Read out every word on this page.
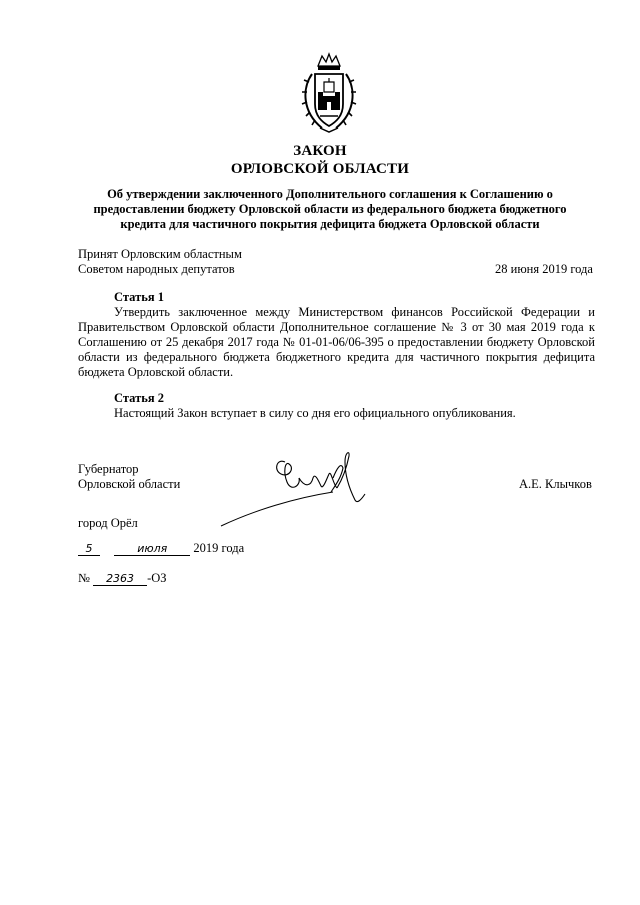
ЗАКОН
ОРЛОВСКОЙ ОБЛАСТИ
Об утверждении заключенного Дополнительного соглашения к Соглашению о
предоставлении бюджету Орловской области из федерального бюджета бюджетного
кредита для частичного покрытия дефицита бюджета Орловской области
Принят Орловским областным
Советом народных депутатов	28 июня 2019 года
Статья 1
Утвердить заключенное между Министерством финансов Российской Федерации и Правительством Орловской области Дополнительное соглашение № 3 от 30 мая 2019 года к Соглашению от 25 декабря 2017 года № 01-01-06/06-395 о предоставлении бюджету Орловской области из федерального бюджета бюджетного кредита для частичного покрытия дефицита бюджета Орловской области.
Статья 2
Настоящий Закон вступает в силу со дня его официального опубликования.
Губернатор
Орловской области	А.Е. Клычков
город Орёл
5	июля 2019 года
№ 2363 -ОЗ
